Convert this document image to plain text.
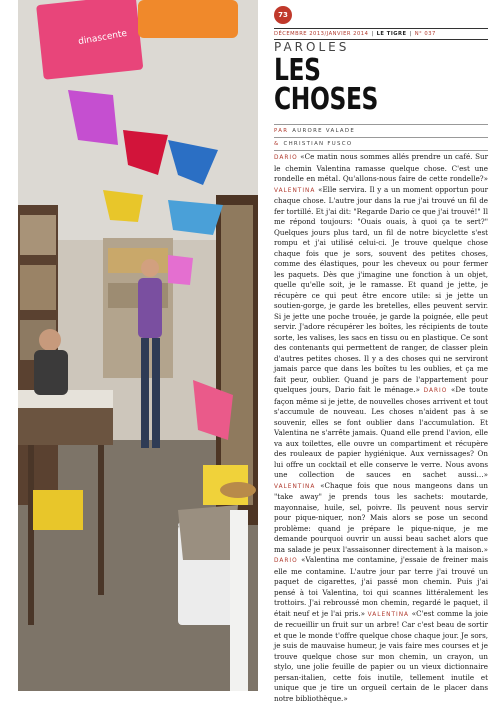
dinascente
73
DÉCEMBRE 2013/JANVIER 2014 | LE TIGRE | N° 037
PAROLES
LES
CHOSES
PAR AURORE VALADE
& CHRISTIAN FUSCO
DARIO «Ce matin nous sommes allés prendre un café. Sur le chemin Valentina ramasse quelque chose. C'est une rondelle en métal. Qu'allons-nous faire de cette rondelle?» VALENTINA «Elle servira. Il y a un moment opportun pour chaque chose. L'autre jour dans la rue j'ai trouvé un fil de fer tortillé. Et j'ai dit: "Regarde Dario ce que j'ai trouvé!" Il me répond toujours: "Ouais ouais, à quoi ça te sert?" Quelques jours plus tard, un fil de notre bicyclette s'est rompu et j'ai utilisé celui-ci. Je trouve quelque chose chaque fois que je sors, souvent des petites choses, comme des élastiques, pour les cheveux ou pour fermer les paquets. Dès que j'imagine une fonction à un objet, quelle qu'elle soit, je le ramasse. Et quand je jette, je récupère ce qui peut être encore utile: si je jette un soutien-gorge, je garde les bretelles, elles peuvent servir. Si je jette une poche trouée, je garde la poignée, elle peut servir. J'adore récupérer les boîtes, les récipients de toute sorte, les valises, les sacs en tissu ou en plastique. Ce sont des contenants qui permettent de ranger, de classer plein d'autres petites choses. Il y a des choses qui ne serviront jamais parce que dans les boîtes tu les oublies, et ça me fait peur, oublier. Quand je pars de l'appartement pour quelques jours, Dario fait le ménage.» DARIO «De toute façon même si je jette, de nouvelles choses arrivent et tout s'accumule de nouveau. Les choses n'aident pas à se souvenir, elles se font oublier dans l'accumulation. Et Valentina ne s'arrête jamais. Quand elle prend l'avion, elle va aux toilettes, elle ouvre un compartiment et récupère des rouleaux de papier hygiénique. Aux vernissages? On lui offre un cocktail et elle conserve le verre. Nous avons une collection de sauces en sachet aussi…» VALENTINA «Chaque fois que nous mangeons dans un "take away" je prends tous les sachets: moutarde, mayonnaise, huile, sel, poivre. Ils peuvent nous servir pour pique-niquer, non? Mais alors se pose un second problème: quand je prépare le pique-nique, je me demande pourquoi ouvrir un aussi beau sachet alors que ma salade je peux l'assaisonner directement à la maison.» DARIO «Valentina me contamine, j'essaie de freiner mais elle me contamine. L'autre jour par terre j'ai trouvé un paquet de cigarettes, j'ai passé mon chemin. Puis j'ai pensé à toi Valentina, toi qui scannes littéralement les trottoirs. J'ai rebroussé mon chemin, regardé le paquet, il était neuf et je l'ai pris.» VALENTINA «C'est comme la joie de recueillir un fruit sur un arbre! Car c'est beau de sortir et que le monde t'offre quelque chose chaque jour. Je sors, je suis de mauvaise humeur, je vais faire mes courses et je trouve quelque chose sur mon chemin, un crayon, un stylo, une jolie feuille de papier ou un vieux dictionnaire persan-italien, cette fois inutile, tellement inutile et unique que je tire un orgueil certain de le placer dans notre bibliothèque.»
